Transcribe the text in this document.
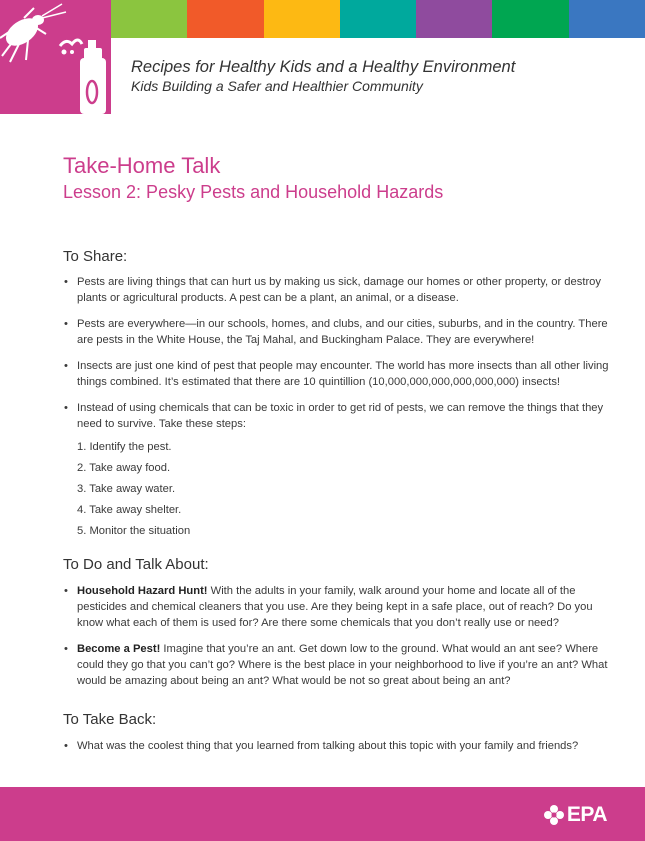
Recipes for Healthy Kids and a Healthy Environment
Kids Building a Safer and Healthier Community
Take-Home Talk
Lesson 2: Pesky Pests and Household Hazards
To Share:
• Pests are living things that can hurt us by making us sick, damage our homes or other property, or destroy plants or agricultural products. A pest can be a plant, an animal, or a disease.
• Pests are everywhere—in our schools, homes, and clubs, and our cities, suburbs, and in the country. There are pests in the White House, the Taj Mahal, and Buckingham Palace. They are everywhere!
• Insects are just one kind of pest that people may encounter. The world has more insects than all other living things combined. It’s estimated that there are 10 quintillion (10,000,000,000,000,000,000) insects!
• Instead of using chemicals that can be toxic in order to get rid of pests, we can remove the things that they need to survive. Take these steps:
1. Identify the pest.
2. Take away food.
3. Take away water.
4. Take away shelter.
5. Monitor the situation
To Do and Talk About:
• Household Hazard Hunt! With the adults in your family, walk around your home and locate all of the pesticides and chemical cleaners that you use. Are they being kept in a safe place, out of reach? Do you know what each of them is used for? Are there some chemicals that you don’t really use or need?
• Become a Pest! Imagine that you’re an ant. Get down low to the ground. What would an ant see? Where could they go that you can’t go? Where is the best place in your neighborhood to live if you’re an ant? What would be amazing about being an ant? What would be not so great about being an ant?
To Take Back:
• What was the coolest thing that you learned from talking about this topic with your family and friends?
EPA
